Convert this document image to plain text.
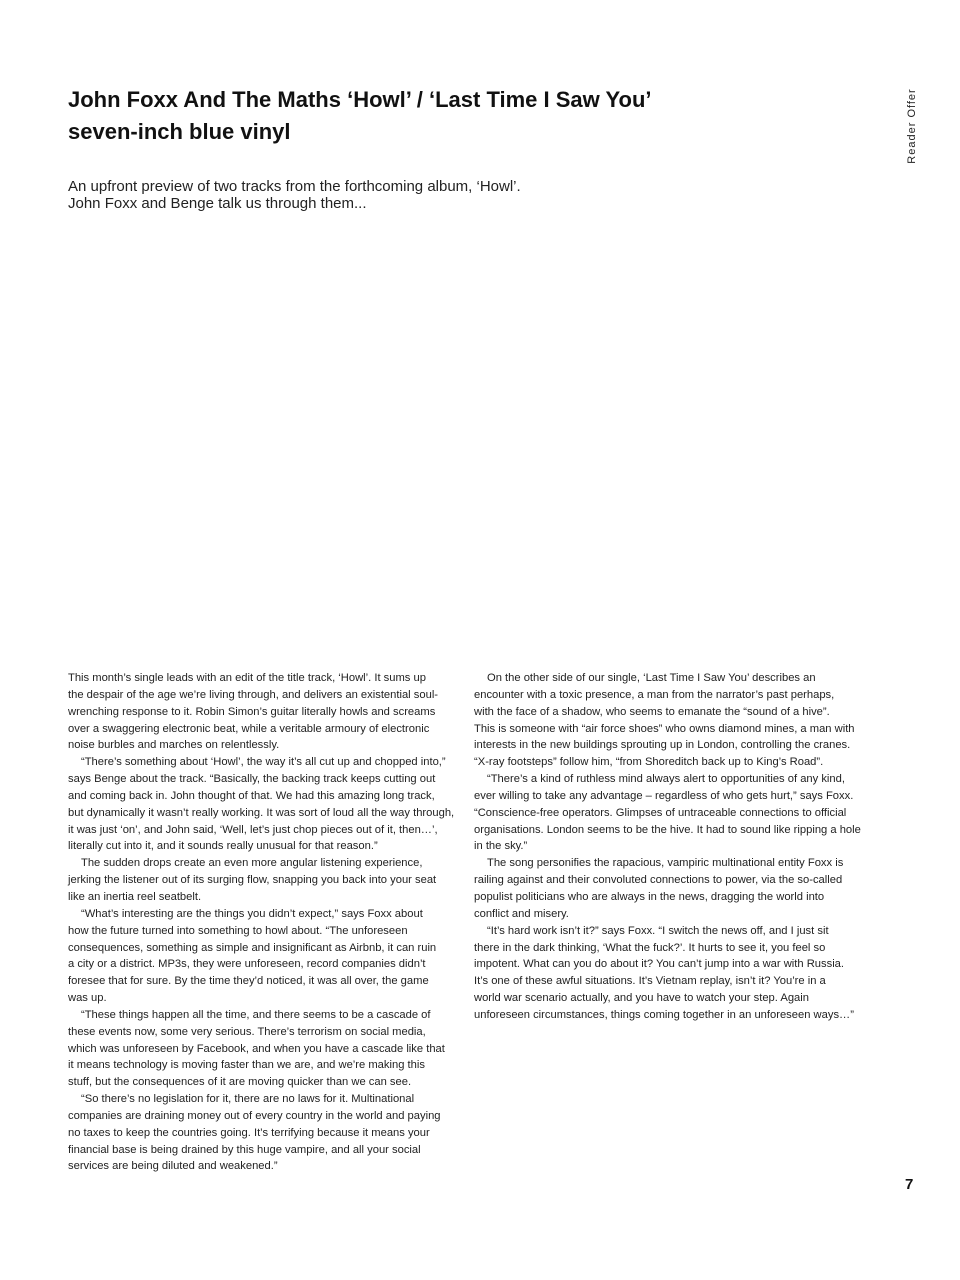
John Foxx And The Maths ‘Howl’ / ‘Last Time I Saw You’
seven-inch blue vinyl	Reader Offer

An upfront preview of two tracks from the forthcoming album, ‘Howl’.
John Foxx and Benge talk us through them...

This month’s single leads with an edit of the title track, ‘Howl’. It sums up
the despair of the age we’re living through, and delivers an existential soul-
wrenching response to it. Robin Simon’s guitar literally howls and screams
over a swaggering electronic beat, while a veritable armoury of electronic
noise burbles and marches on relentlessly.
“There’s something about ‘Howl’, the way it’s all cut up and chopped into,”
says Benge about the track. “Basically, the backing track keeps cutting out
and coming back in. John thought of that. We had this amazing long track,
but dynamically it wasn’t really working. It was sort of loud all the way through,
it was just ‘on’, and John said, ‘Well, let’s just chop pieces out of it, then…’,
literally cut into it, and it sounds really unusual for that reason.”
The sudden drops create an even more angular listening experience,
jerking the listener out of its surging flow, snapping you back into your seat
like an inertia reel seatbelt.
“What’s interesting are the things you didn’t expect,” says Foxx about
how the future turned into something to howl about. “The unforeseen
consequences, something as simple and insignificant as Airbnb, it can ruin
a city or a district. MP3s, they were unforeseen, record companies didn’t
foresee that for sure. By the time they’d noticed, it was all over, the game
was up.
“These things happen all the time, and there seems to be a cascade of
these events now, some very serious. There’s terrorism on social media,
which was unforeseen by Facebook, and when you have a cascade like that
it means technology is moving faster than we are, and we’re making this
stuff, but the consequences of it are moving quicker than we can see.
“So there’s no legislation for it, there are no laws for it. Multinational
companies are draining money out of every country in the world and paying
no taxes to keep the countries going. It’s terrifying because it means your
financial base is being drained by this huge vampire, and all your social
services are being diluted and weakened.”
On the other side of our single, ‘Last Time I Saw You’ describes an
encounter with a toxic presence, a man from the narrator’s past perhaps,
with the face of a shadow, who seems to emanate the “sound of a hive”.
This is someone with “air force shoes” who owns diamond mines, a man with
interests in the new buildings sprouting up in London, controlling the cranes.
“X-ray footsteps” follow him, “from Shoreditch back up to King’s Road”.
“There’s a kind of ruthless mind always alert to opportunities of any kind,
ever willing to take any advantage – regardless of who gets hurt,” says Foxx.
“Conscience-free operators. Glimpses of untraceable connections to official
organisations. London seems to be the hive. It had to sound like ripping a hole
in the sky.”
The song personifies the rapacious, vampiric multinational entity Foxx is
railing against and their convoluted connections to power, via the so-called
populist politicians who are always in the news, dragging the world into
conflict and misery.
“It’s hard work isn’t it?” says Foxx. “I switch the news off, and I just sit
there in the dark thinking, ‘What the fuck?’. It hurts to see it, you feel so
impotent. What can you do about it? You can’t jump into a war with Russia.
It’s one of these awful situations. It’s Vietnam replay, isn’t it? You’re in a
world war scenario actually, and you have to watch your step. Again
unforeseen circumstances, things coming together in an unforeseen ways…”
7
